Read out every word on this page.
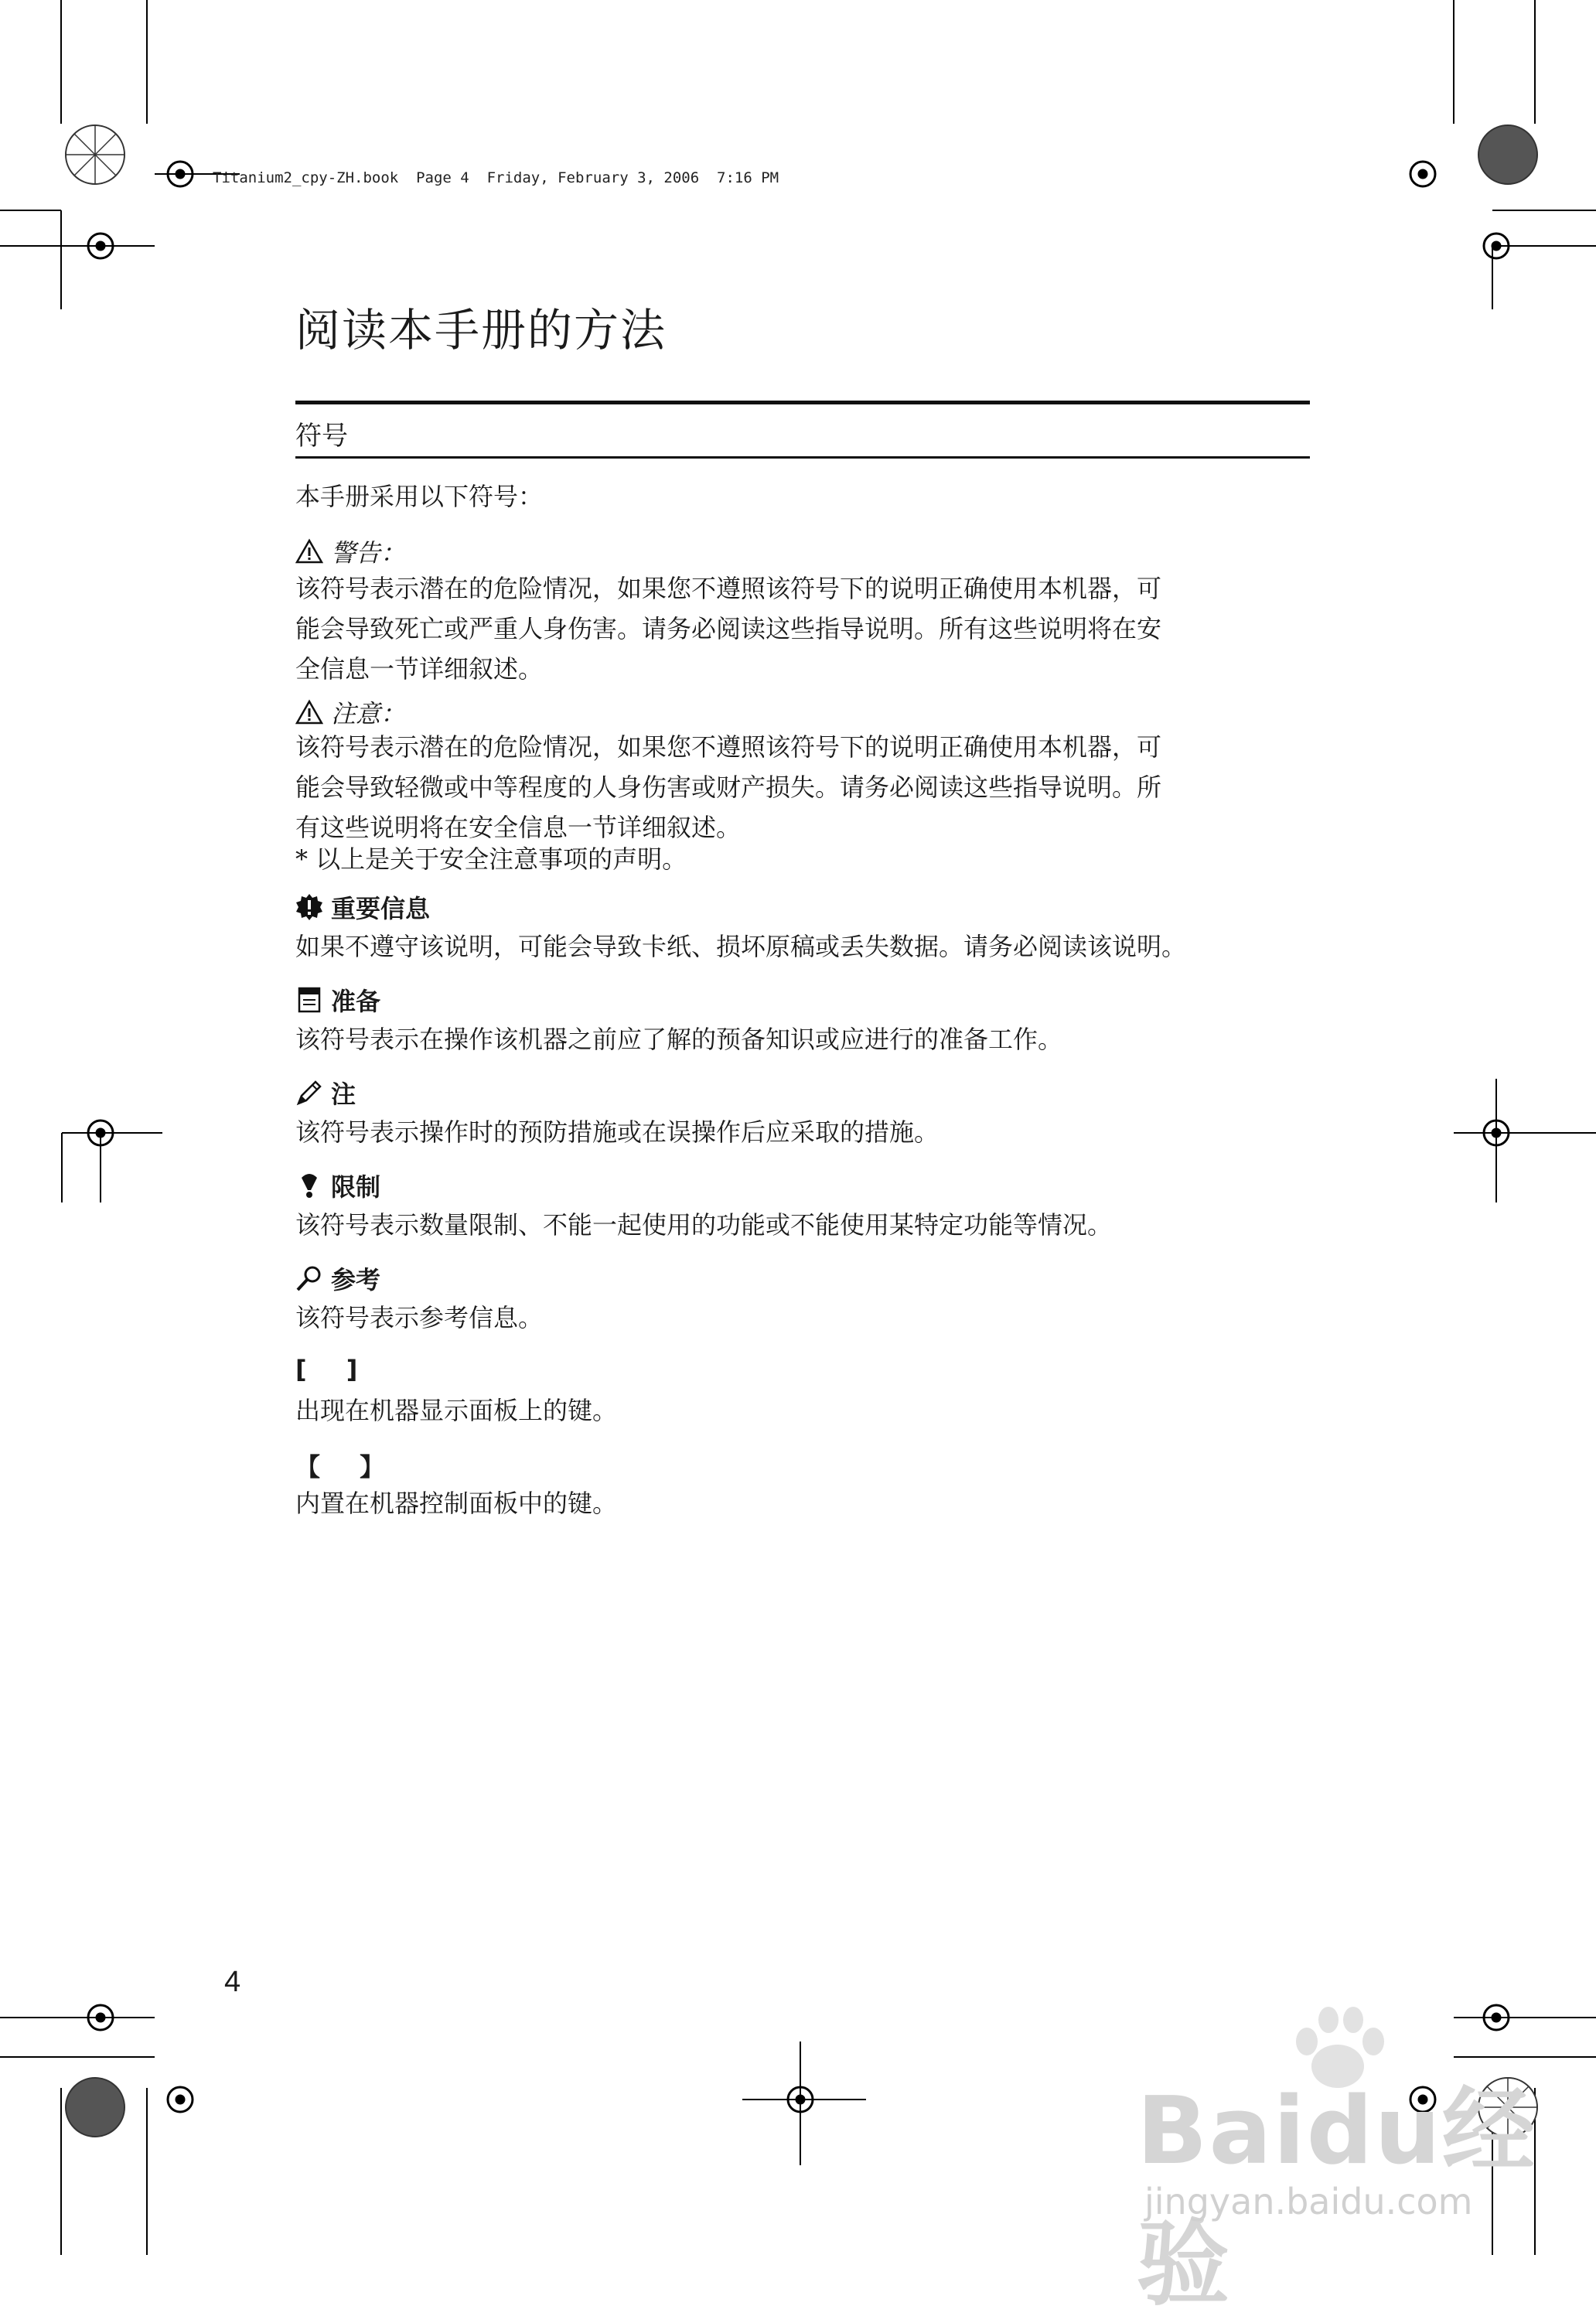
Titanium2_cpy-ZH.book  Page 4  Friday, February 3, 2006  7:16 PM
阅读本手册的方法
符号
本手册采用以下符号：
警告：
该符号表示潜在的危险情况，如果您不遵照该符号下的说明正确使用本机器，可
能会导致死亡或严重人身伤害。请务必阅读这些指导说明。所有这些说明将在安
全信息一节详细叙述。
注意：
该符号表示潜在的危险情况，如果您不遵照该符号下的说明正确使用本机器，可
能会导致轻微或中等程度的人身伤害或财产损失。请务必阅读这些指导说明。所
有这些说明将在安全信息一节详细叙述。
* 以上是关于安全注意事项的声明。
重要信息
如果不遵守该说明，可能会导致卡纸、损坏原稿或丢失数据。请务必阅读该说明。
准备
该符号表示在操作该机器之前应了解的预备知识或应进行的准备工作。
注
该符号表示操作时的预防措施或在误操作后应采取的措施。
限制
该符号表示数量限制、不能一起使用的功能或不能使用某特定功能等情况。
参考
该符号表示参考信息。
[ ]
出现在机器显示面板上的键。
【 】
内置在机器控制面板中的键。
4
Baidu经验
jingyan.baidu.com
